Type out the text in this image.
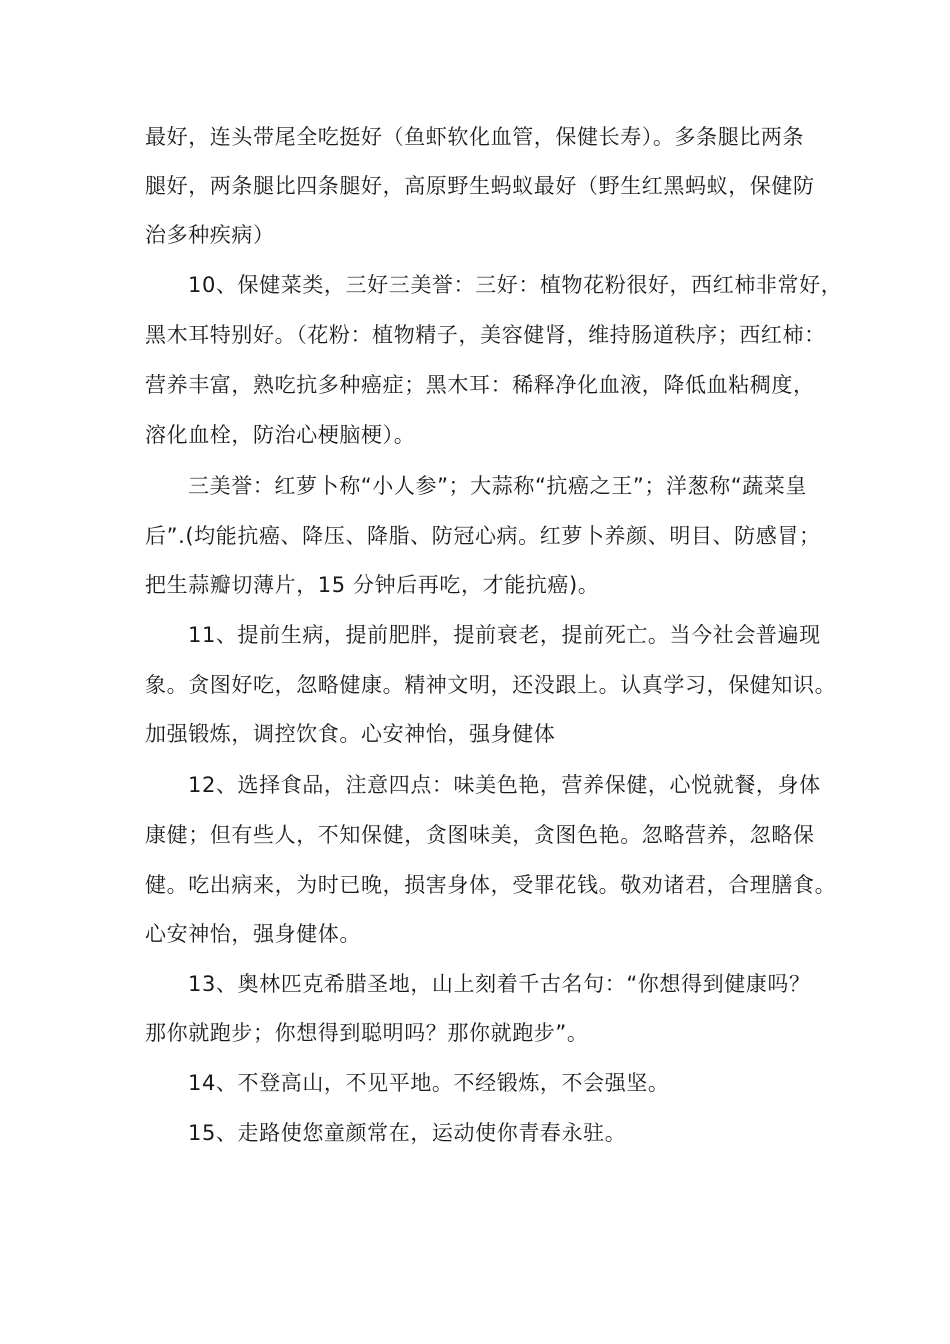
最好，连头带尾全吃挺好（鱼虾软化血管，保健长寿）。多条腿比两条
腿好，两条腿比四条腿好，高原野生蚂蚁最好（野生红黑蚂蚁，保健防
治多种疾病）
10、保健菜类，三好三美誉：三好：植物花粉很好，西红柿非常好，
黑木耳特别好。（花粉：植物精子，美容健肾，维持肠道秩序；西红柿：
营养丰富，熟吃抗多种癌症；黑木耳：稀释净化血液，降低血粘稠度，
溶化血栓，防治心梗脑梗）。
三美誉：红萝卜称“小人参”；大蒜称“抗癌之王”；洋葱称“蔬菜皇
后”.(均能抗癌、降压、降脂、防冠心病。红萝卜养颜、明目、防感冒；
把生蒜瓣切薄片，15 分钟后再吃，才能抗癌)。
11、提前生病，提前肥胖，提前衰老，提前死亡。当今社会普遍现
象。贪图好吃，忽略健康。精神文明，还没跟上。认真学习，保健知识。
加强锻炼，调控饮食。心安神怡，强身健体
12、选择食品，注意四点：味美色艳，营养保健，心悦就餐，身体
康健；但有些人，不知保健，贪图味美，贪图色艳。忽略营养，忽略保
健。吃出病来，为时已晚，损害身体，受罪花钱。敬劝诸君，合理膳食。
心安神怡，强身健体。
13、奥林匹克希腊圣地，山上刻着千古名句：“你想得到健康吗？
那你就跑步；你想得到聪明吗？那你就跑步”。
14、不登高山，不见平地。不经锻炼，不会强坚。
15、走路使您童颜常在，运动使你青春永驻。
